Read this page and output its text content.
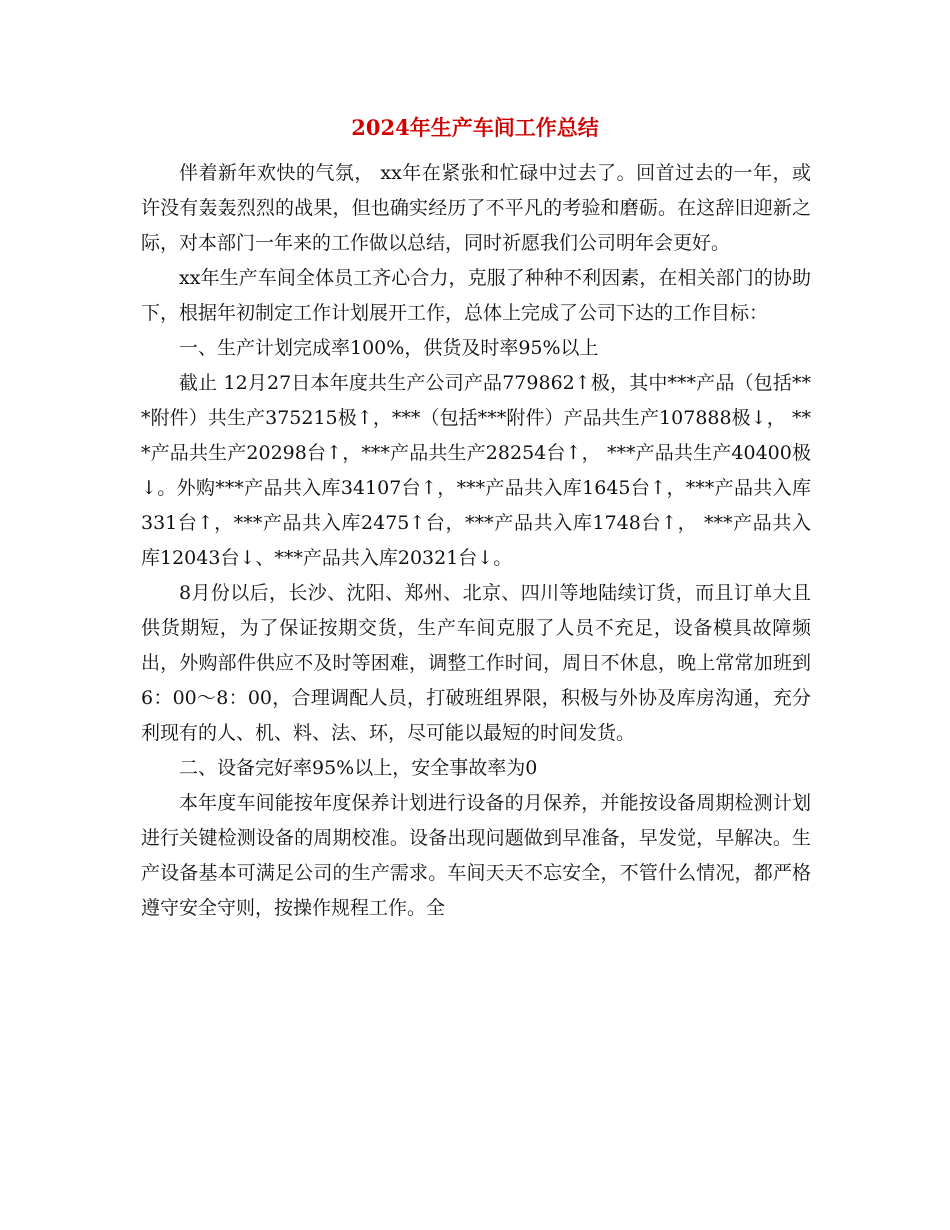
2024年生产车间工作总结

伴着新年欢快的气氛， xx年在紧张和忙碌中过去了。回首过去的一年，或许没有轰轰烈烈的战果，但也确实经历了不平凡的考验和磨砺。在这辞旧迎新之际，对本部门一年来的工作做以总结，同时祈愿我们公司明年会更好。

xx年生产车间全体员工齐心合力，克服了种种不利因素，在相关部门的协助下，根据年初制定工作计划展开工作，总体上完成了公司下达的工作目标：

一、生产计划完成率100%，供货及时率95%以上

截止 12月27日本年度共生产公司产品779862↑极，其中***产品（包括***附件）共生产375215极↑，***（包括***附件）产品共生产107888极↓， ***产品共生产20298台↑，***产品共生产28254台↑， ***产品共生产40400极↓。外购***产品共入库34107台↑，***产品共入库1645台↑，***产品共入库331台↑，***产品共入库2475↑台，***产品共入库1748台↑， ***产品共入库12043台↓、***产品共入库20321台↓。

8月份以后，长沙、沈阳、郑州、北京、四川等地陆续订货，而且订单大且供货期短，为了保证按期交货，生产车间克服了人员不充足，设备模具故障频出，外购部件供应不及时等困难，调整工作时间，周日不休息，晚上常常加班到6：00～8：00，合理调配人员，打破班组界限，积极与外协及库房沟通，充分利现有的人、机、料、法、环，尽可能以最短的时间发货。

二、设备完好率95%以上，安全事故率为0

本年度车间能按年度保养计划进行设备的月保养，并能按设备周期检测计划进行关键检测设备的周期校准。设备出现问题做到早准备，早发觉，早解决。生产设备基本可满足公司的生产需求。车间天天不忘安全，不管什么情况，都严格遵守安全守则，按操作规程工作。全
